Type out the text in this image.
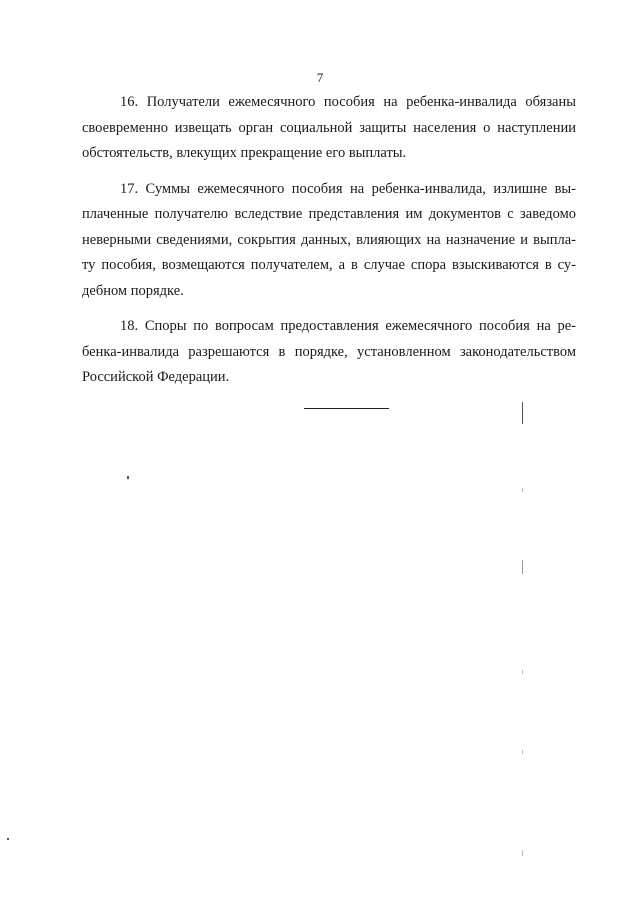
7

16. Получатели ежемесячного пособия на ребенка-инвалида обязаны
своевременно извещать орган социальной защиты населения о наступлении
обстоятельств, влекущих прекращение его выплаты.

17. Суммы ежемесячного пособия на ребенка-инвалида, излишне вы-
плаченные получателю вследствие представления им документов с заведомо
неверными сведениями, сокрытия данных, влияющих на назначение и выпла-
ту пособия, возмещаются получателем, а в случае спора взыскиваются в су-
дебном порядке.

18. Споры по вопросам предоставления ежемесячного пособия на ре-
бенка-инвалида разрешаются в порядке, установленном законодательством
Российской Федерации.
